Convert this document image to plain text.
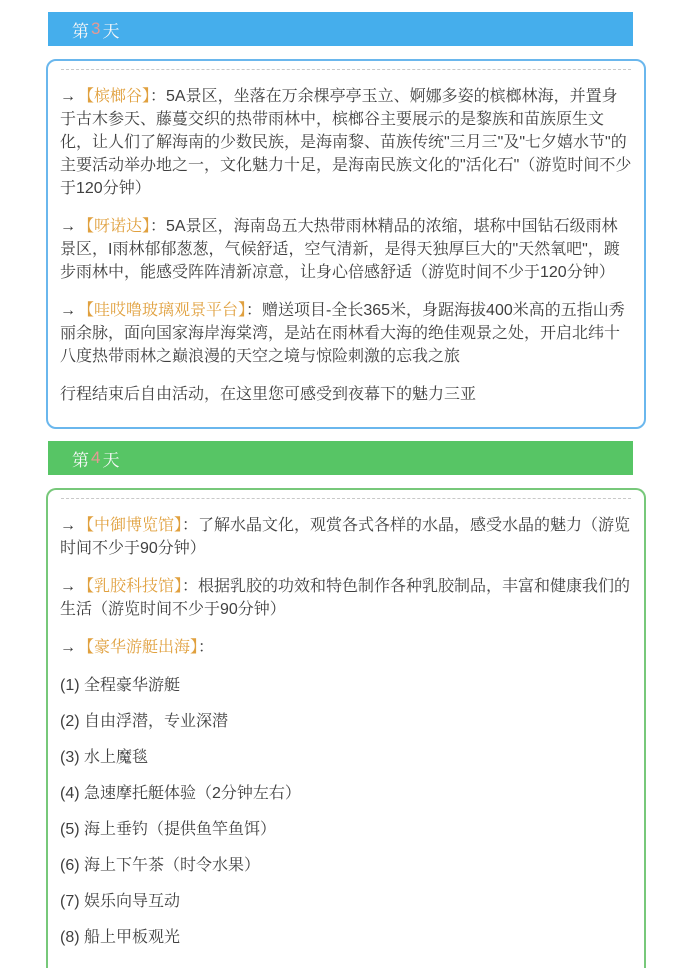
第 3 天

→ 【槟榔谷】：5A景区，坐落在万余棵亭亭玉立、婀娜多姿的槟榔林海，并置身于古木参天、藤蔓交织的热带雨林中，槟榔谷主要展示的是黎族和苗族原生文化，让人们了解海南的少数民族，是海南黎、苗族传统"三月三"及"七夕嬉水节"的主要活动举办地之一，文化魅力十足，是海南民族文化的"活化石"（游览时间不少于120分钟）

→ 【呀诺达】：5A景区，海南岛五大热带雨林精品的浓缩，堪称中国钻石级雨林景区，I雨林郁郁葱葱，气候舒适，空气清新，是得天独厚巨大的"天然氧吧"，踱步雨林中，能感受阵阵清新凉意，让身心倍感舒适（游览时间不少于120分钟）

→ 【哇哎噜玻璃观景平台】：赠送项目-全长365米，身踞海拔400米高的五指山秀丽余脉，面向国家海岸海棠湾，是站在雨林看大海的绝佳观景之处，开启北纬十八度热带雨林之巅浪漫的天空之境与惊险刺激的忘我之旅

行程结束后自由活动，在这里您可感受到夜幕下的魅力三亚

第 4 天

→ 【中御博览馆】：了解水晶文化，观赏各式各样的水晶，感受水晶的魅力（游览时间不少于90分钟）

→ 【乳胶科技馆】：根据乳胶的功效和特色制作各种乳胶制品，丰富和健康我们的生活（游览时间不少于90分钟）

→ 【豪华游艇出海】：

(1) 全程豪华游艇

(2) 自由浮潜，专业深潜

(3) 水上魔毯

(4) 急速摩托艇体验（2分钟左右）

(5) 海上垂钓（提供鱼竿鱼饵）

(6) 海上下午茶（时令水果）

(7) 娱乐向导互动

(8) 船上甲板观光
